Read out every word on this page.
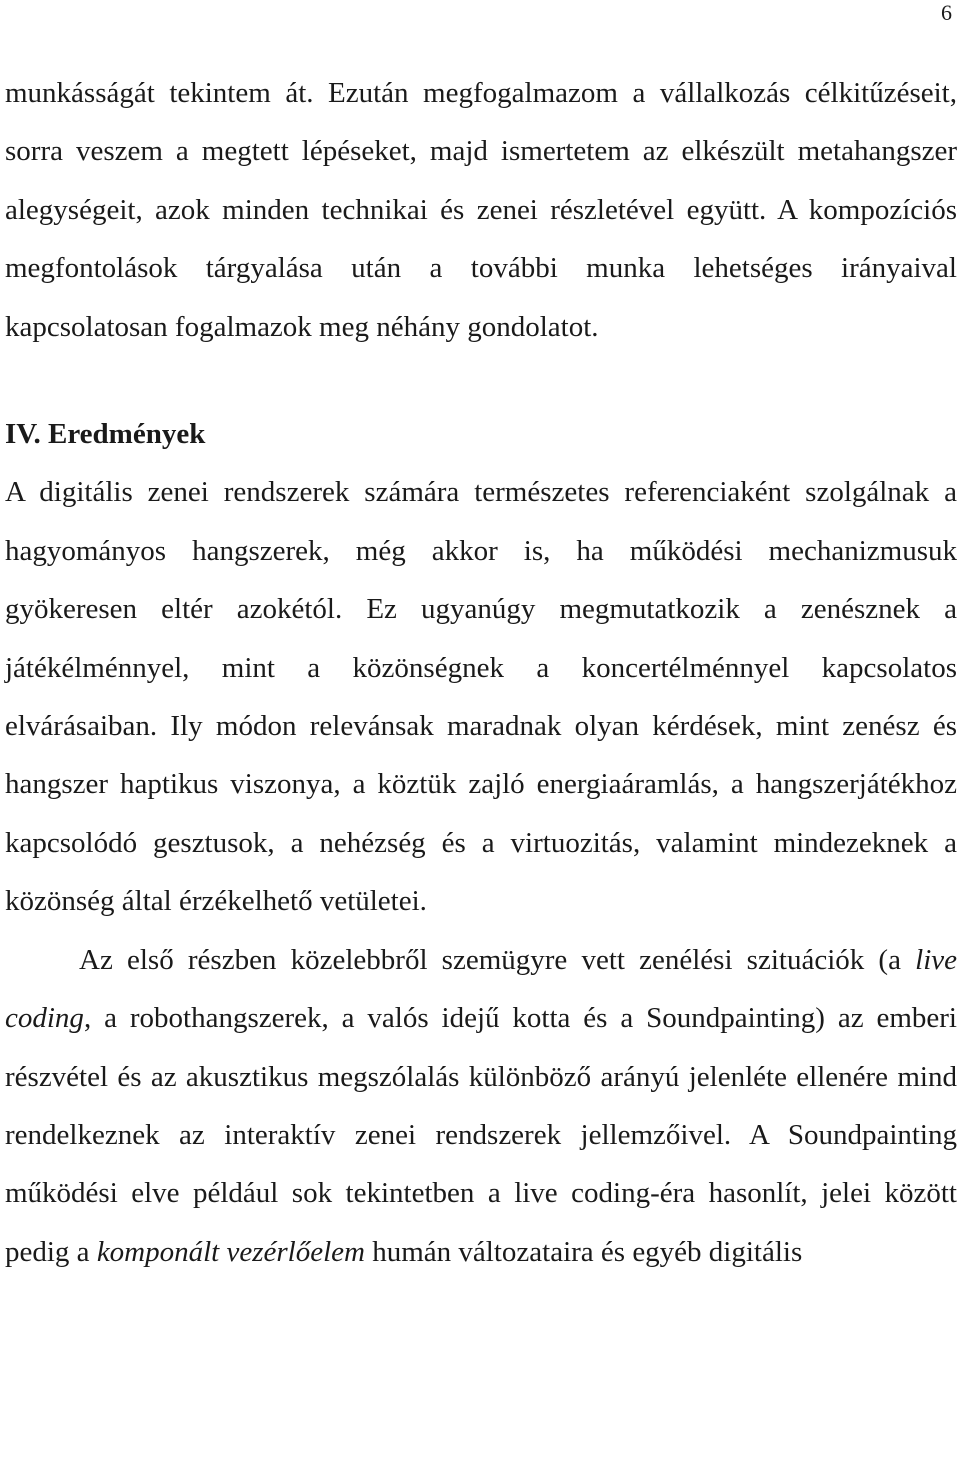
6

munkásságát tekintem át. Ezután megfogalmazom a vállalkozás célkitűzéseit, sorra veszem a megtett lépéseket, majd ismertetem az elkészült metahangszer alegységeit, azok minden technikai és zenei részletével együtt. A kompozíciós megfontolások tárgyalása után a további munka lehetséges irányaival kapcsolatosan fogalmazok meg néhány gondolatot.

IV. Eredmények

A digitális zenei rendszerek számára természetes referenciaként szolgálnak a hagyományos hangszerek, még akkor is, ha működési mechanizmusuk gyökeresen eltér azokétól. Ez ugyanúgy megmutatkozik a zenésznek a játékélménnyel, mint a közönségnek a koncertélménnyel kapcsolatos elvárásaiban. Ily módon relevánsak maradnak olyan kérdések, mint zenész és hangszer haptikus viszonya, a köztük zajló energiaáramlás, a hangszerjátékhoz kapcsolódó gesztusok, a nehézség és a virtuozitás, valamint mindezeknek a közönség által érzékelhető vetületei.

Az első részben közelebbről szemügyre vett zenélési szituációk (a live coding, a robothangszerek, a valós idejű kotta és a Soundpainting) az emberi részvétel és az akusztikus megszólalás különböző arányú jelenléte ellenére mind rendelkeznek az interaktív zenei rendszerek jellemzőivel. A Soundpainting működési elve például sok tekintetben a live coding-éra hasonlít, jelei között pedig a komponált vezérlőelem humán változataira és egyéb digitális
